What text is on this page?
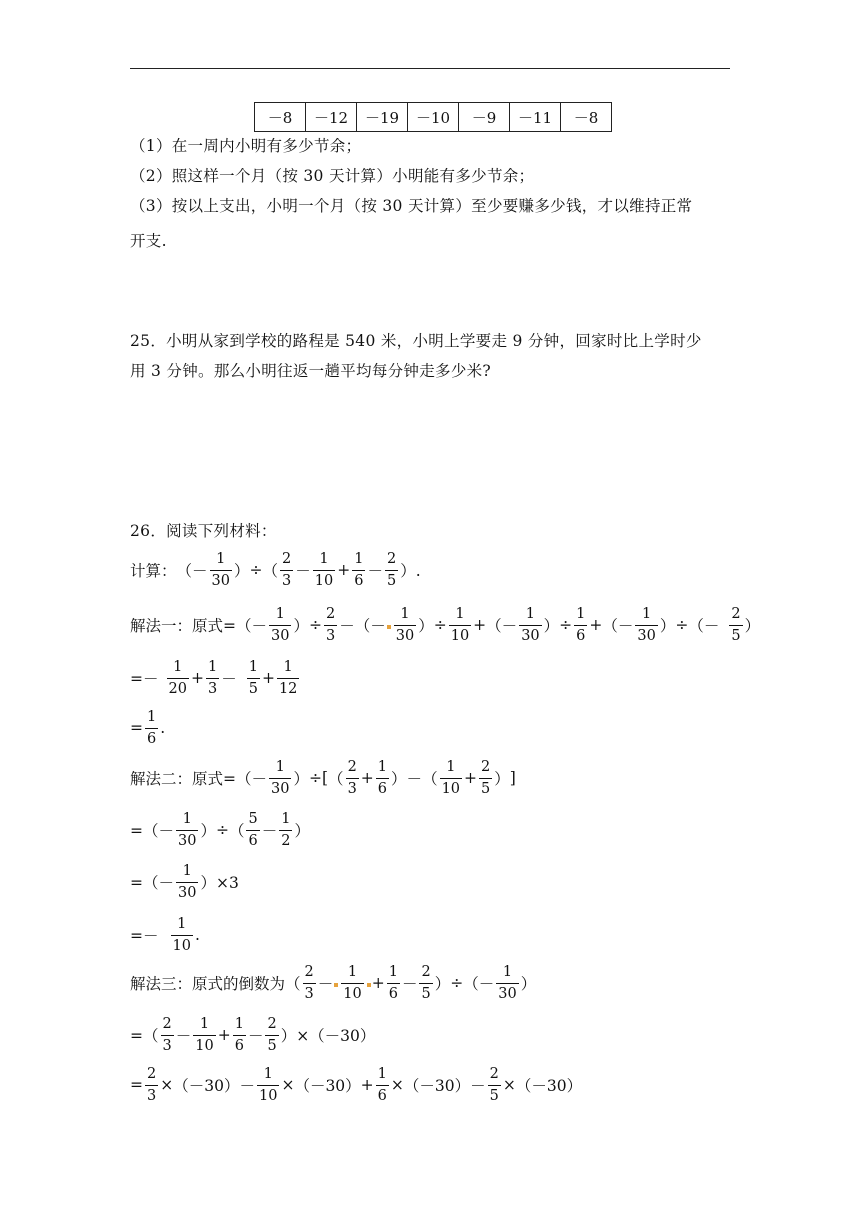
－8	－12	－19	－10	－9	－11	－8
（1）在一周内小明有多少节余；
（2）照这样一个月（按 30 天计算）小明能有多少节余；
（3）按以上支出，小明一个月（按 30 天计算）至少要赚多少钱，才以维持正常
开支.
25．小明从家到学校的路程是 540 米，小明上学要走 9 分钟，回家时比上学时少
用 3 分钟。那么小明往返一趟平均每分钟走多少米?
26．阅读下列材料：
计算： （－ $\frac{1}{30}$ ） ÷ （ $\frac{2}{3} - \frac{1}{10} + \frac{1}{6} - \frac{2}{5}$ ）.
解法一：原式= （－ $\frac{1}{30}$ ） ÷ $\frac{2}{3}$ － （－ $\frac{1}{30}$ ） ÷ $\frac{1}{10}$ + （－ $\frac{1}{30}$ ） ÷ $\frac{1}{6}$ + （－ $\frac{1}{30}$ ） ÷ （－ $\frac{2}{5}$ ）
=－ $\frac{1}{20} + \frac{1}{3} - \frac{1}{5} + \frac{1}{12}$
= $\frac{1}{6}$ .
解法二：原式= （－ $\frac{1}{30}$ ） ÷ [ （ $\frac{2}{3} + \frac{1}{6}$ ） － （ $\frac{1}{10} + \frac{2}{5}$ ） ]
=（－ $\frac{1}{30}$ ） ÷ （ $\frac{5}{6} - \frac{1}{2}$ ）
=（－ $\frac{1}{30} )\times 3$
=－ $\frac{1}{10}$ .
解法三：原式的倒数为 （ $\frac{2}{3} - \frac{1}{10} + \frac{1}{6} - \frac{2}{5}$ ） ÷ （－ $\frac{1}{30}$ ）
=（ $\frac{2}{3} - \frac{1}{10} + \frac{1}{6} - \frac{2}{5} )\times(-30)$
= $\frac{2}{3} \times (-30) - \frac{1}{10} \times (-30) + \frac{1}{6} \times (-30) - \frac{2}{5} \times (-30)$
